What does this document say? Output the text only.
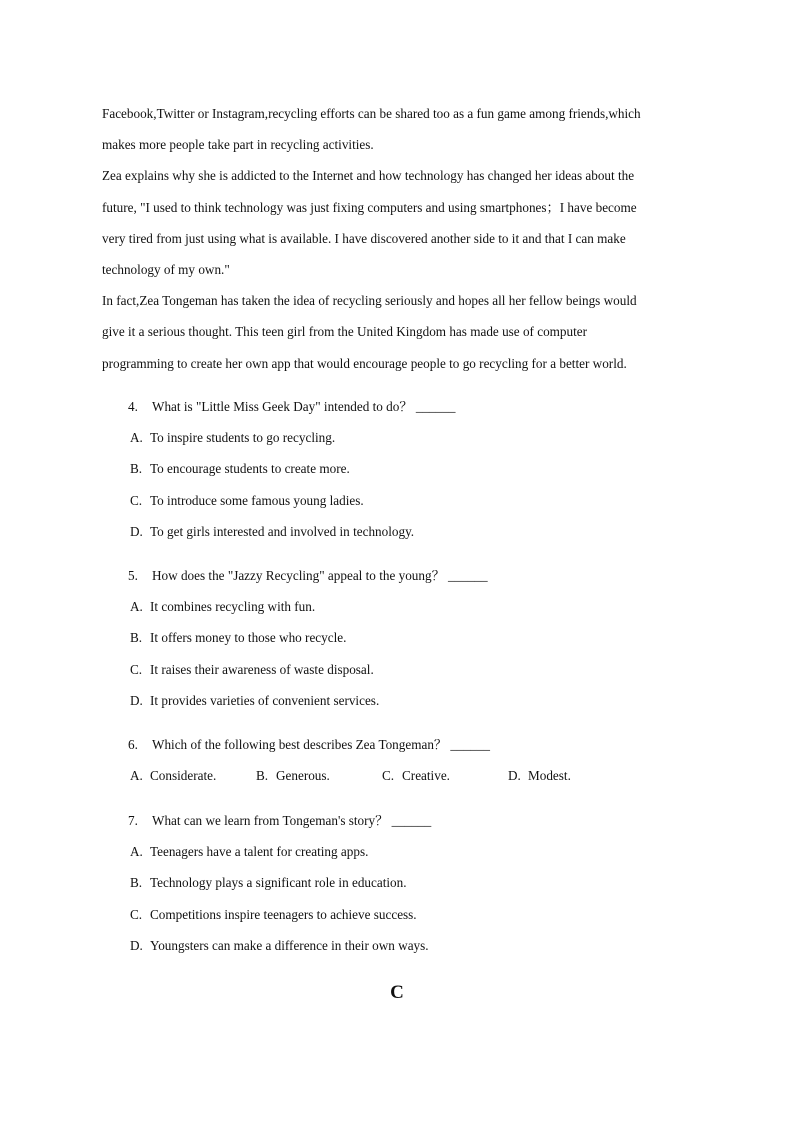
Facebook,Twitter or Instagram,recycling efforts can be shared too as a fun game among friends,which
makes more people take part in recycling activities.
Zea explains why she is addicted to the Internet and how technology has changed her ideas about the
future, "I used to think technology was just fixing computers and using smartphones；I have become
very tired from just using what is available. I have discovered another side to it and that I can make
technology of my own."
In fact,Zea Tongeman has taken the idea of recycling seriously and hopes all her fellow beings would
give it a serious thought. This teen girl from the United Kingdom has made use of computer
programming to create her own app that would encourage people to go recycling for a better world.
4. What is "Little Miss Geek Day" intended to do？ ______
A. To inspire students to go recycling.
B. To encourage students to create more.
C. To introduce some famous young ladies.
D. To get girls interested and involved in technology.
5. How does the "Jazzy Recycling" appeal to the young？ ______
A. It combines recycling with fun.
B. It offers money to those who recycle.
C. It raises their awareness of waste disposal.
D. It provides varieties of convenient services.
6. Which of the following best describes Zea Tongeman？ ______
A. Considerate.	B. Generous.	C. Creative.	D. Modest.
7. What can we learn from Tongeman's story？ ______
A. Teenagers have a talent for creating apps.
B. Technology plays a significant role in education.
C. Competitions inspire teenagers to achieve success.
D. Youngsters can make a difference in their own ways.
C
